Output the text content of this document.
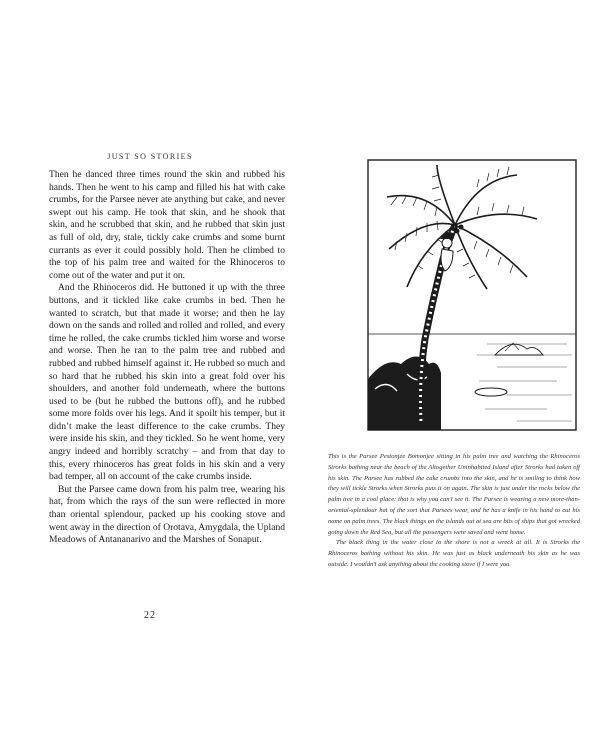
JUST SO STORIES

Then he danced three times round the skin and rubbed his hands. Then he went to his camp and filled his hat with cake crumbs, for the Parsee never ate anything but cake, and never swept out his camp. He took that skin, and he shook that skin, and he scrubbed that skin, and he rubbed that skin just as full of old, dry, stale, tickly cake crumbs and some burnt currants as ever it could possibly hold. Then he climbed to the top of his palm tree and waited for the Rhinoceros to come out of the water and put it on.

And the Rhinoceros did. He buttoned it up with the three buttons, and it tickled like cake crumbs in bed. Then he wanted to scratch, but that made it worse; and then he lay down on the sands and rolled and rolled and rolled, and every time he rolled, the cake crumbs tickled him worse and worse and worse. Then he ran to the palm tree and rubbed and rubbed and rubbed himself against it. He rubbed so much and so hard that he rubbed his skin into a great fold over his shoulders, and another fold underneath, where the buttons used to be (but he rubbed the buttons off), and he rubbed some more folds over his legs. And it spoilt his temper, but it didn’t make the least difference to the cake crumbs. They were inside his skin, and they tickled. So he went home, very angry indeed and horribly scratchy – and from that day to this, every rhinoceros has great folds in his skin and a very bad temper, all on account of the cake crumbs inside.

But the Parsee came down from his palm tree, wearing his hat, from which the rays of the sun were reflected in more than oriental splendour, packed up his cooking stove and went away in the direction of Orotava, Amygdala, the Upland Meadows of Antananarivo and the Marshes of Sonaput.

22

This is the Parsee Pestonjee Bomonjee sitting in his palm tree and watching the Rhinoceros Strorks bathing near the beach of the Altogether Uninhabited Island after Strorks had taken off his skin. The Parsee has rubbed the cake crumbs into the skin, and he is smiling to think how they will tickle Strorks when Strorks puts it on again. The skin is just under the rocks below the palm tree in a cool place: that is why you can’t see it. The Parsee is wearing a new more-than-oriental-splendour hat of the sort that Parsees wear, and he has a knife in his hand to cut his name on palm trees. The black things on the islands out at sea are bits of ships that got wrecked going down the Red Sea, but all the passengers were saved and went home.

The black thing in the water close to the shore is not a wreck at all. It is Strorks the Rhinoceros bathing without his skin. He was just as black underneath his skin as he was outside. I wouldn’t ask anything about the cooking stove if I were you.
